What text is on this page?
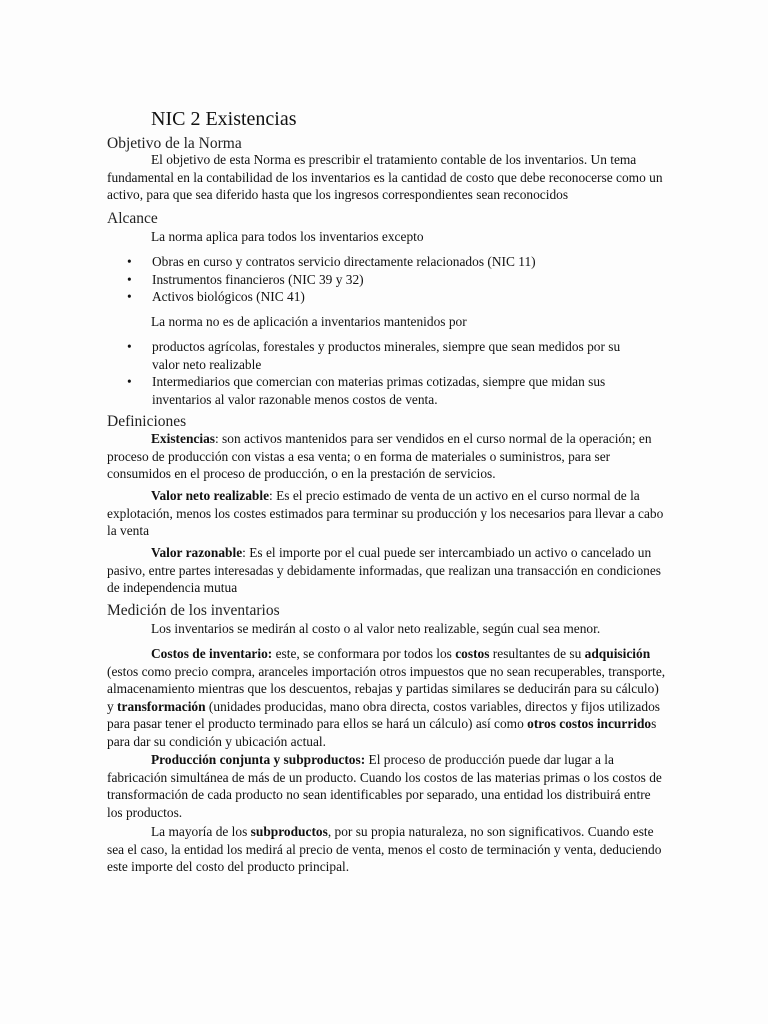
NIC 2 Existencias
Objetivo de la Norma

El objetivo de esta Norma es prescribir el tratamiento contable de los inventarios. Un tema fundamental en la contabilidad de los inventarios es la cantidad de costo que debe reconocerse como un activo, para que sea diferido hasta que los ingresos correspondientes sean reconocidos

Alcance

La norma aplica para todos los inventarios excepto

• Obras en curso y contratos servicio directamente relacionados (NIC 11)
• Instrumentos financieros (NIC 39 y 32)
• Activos biológicos (NIC 41)

La norma no es de aplicación a inventarios mantenidos por

• productos agrícolas, forestales y productos minerales, siempre que sean medidos por su valor neto realizable
• Intermediarios que comercian con materias primas cotizadas, siempre que midan sus inventarios al valor razonable menos costos de venta.
Definiciones

Existencias: son activos mantenidos para ser vendidos en el curso normal de la operación; en proceso de producción con vistas a esa venta; o en forma de materiales o suministros, para ser consumidos en el proceso de producción, o en la prestación de servicios.

Valor neto realizable: Es el precio estimado de venta de un activo en el curso normal de la explotación, menos los costes estimados para terminar su producción y los necesarios para llevar a cabo la venta

Valor razonable: Es el importe por el cual puede ser intercambiado un activo o cancelado un pasivo, entre partes interesadas y debidamente informadas, que realizan una transacción en condiciones de independencia mutua

Medición de los inventarios

Los inventarios se medirán al costo o al valor neto realizable, según cual sea menor.

Costos de inventario: este, se conformara por todos los costos resultantes de su adquisición (estos como precio compra, aranceles importación otros impuestos que no sean recuperables, transporte, almacenamiento mientras que los descuentos, rebajas y partidas similares se deducirán para su cálculo) y transformación (unidades producidas, mano obra directa, costos variables, directos y fijos utilizados para pasar tener el producto terminado para ellos se hará un cálculo) así como otros costos incurridos para dar su condición y ubicación actual.

Producción conjunta y subproductos: El proceso de producción puede dar lugar a la fabricación simultánea de más de un producto. Cuando los costos de las materias primas o los costos de transformación de cada producto no sean identificables por separado, una entidad los distribuirá entre los productos.

La mayoría de los subproductos, por su propia naturaleza, no son significativos. Cuando este sea el caso, la entidad los medirá al precio de venta, menos el costo de terminación y venta, deduciendo este importe del costo del producto principal.
